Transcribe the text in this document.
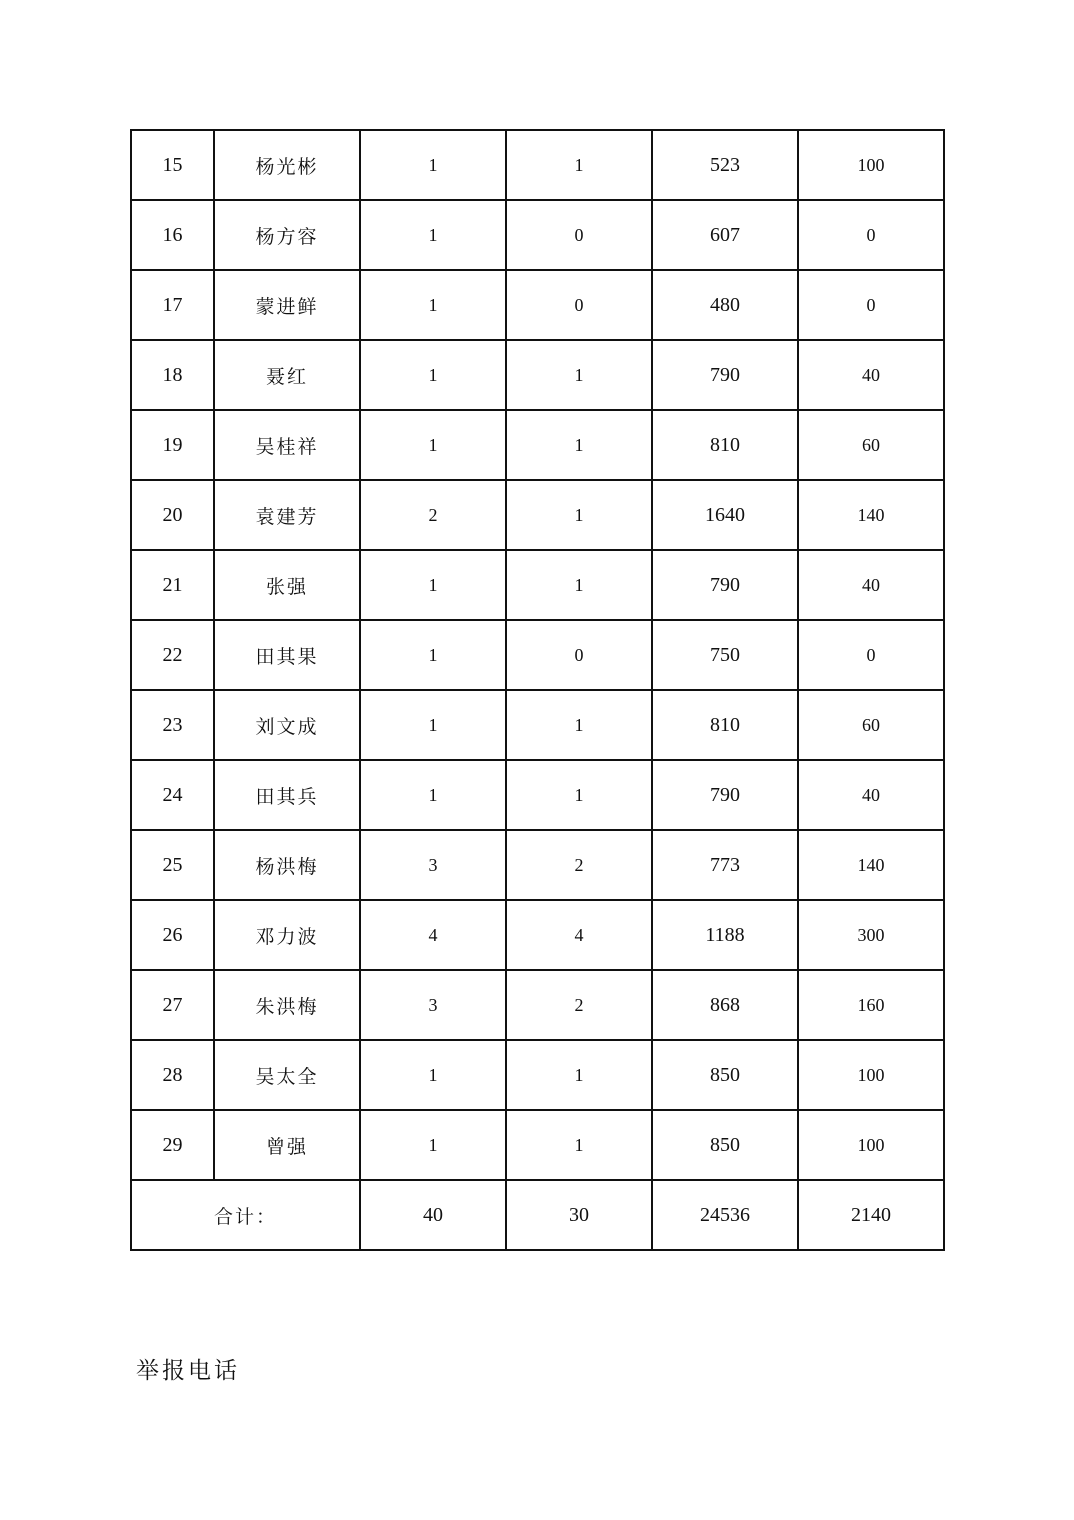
15	杨光彬	1	1	523	100
16	杨方容	1	0	607	0
17	蒙进鲜	1	0	480	0
18	聂红	1	1	790	40
19	吴桂祥	1	1	810	60
20	袁建芳	2	1	1640	140
21	张强	1	1	790	40
22	田其果	1	0	750	0
23	刘文成	1	1	810	60
24	田其兵	1	1	790	40
25	杨洪梅	3	2	773	140
26	邓力波	4	4	1188	300
27	朱洪梅	3	2	868	160
28	吴太全	1	1	850	100
29	曾强	1	1	850	100
合计：		40	30	24536	2140
举报电话
